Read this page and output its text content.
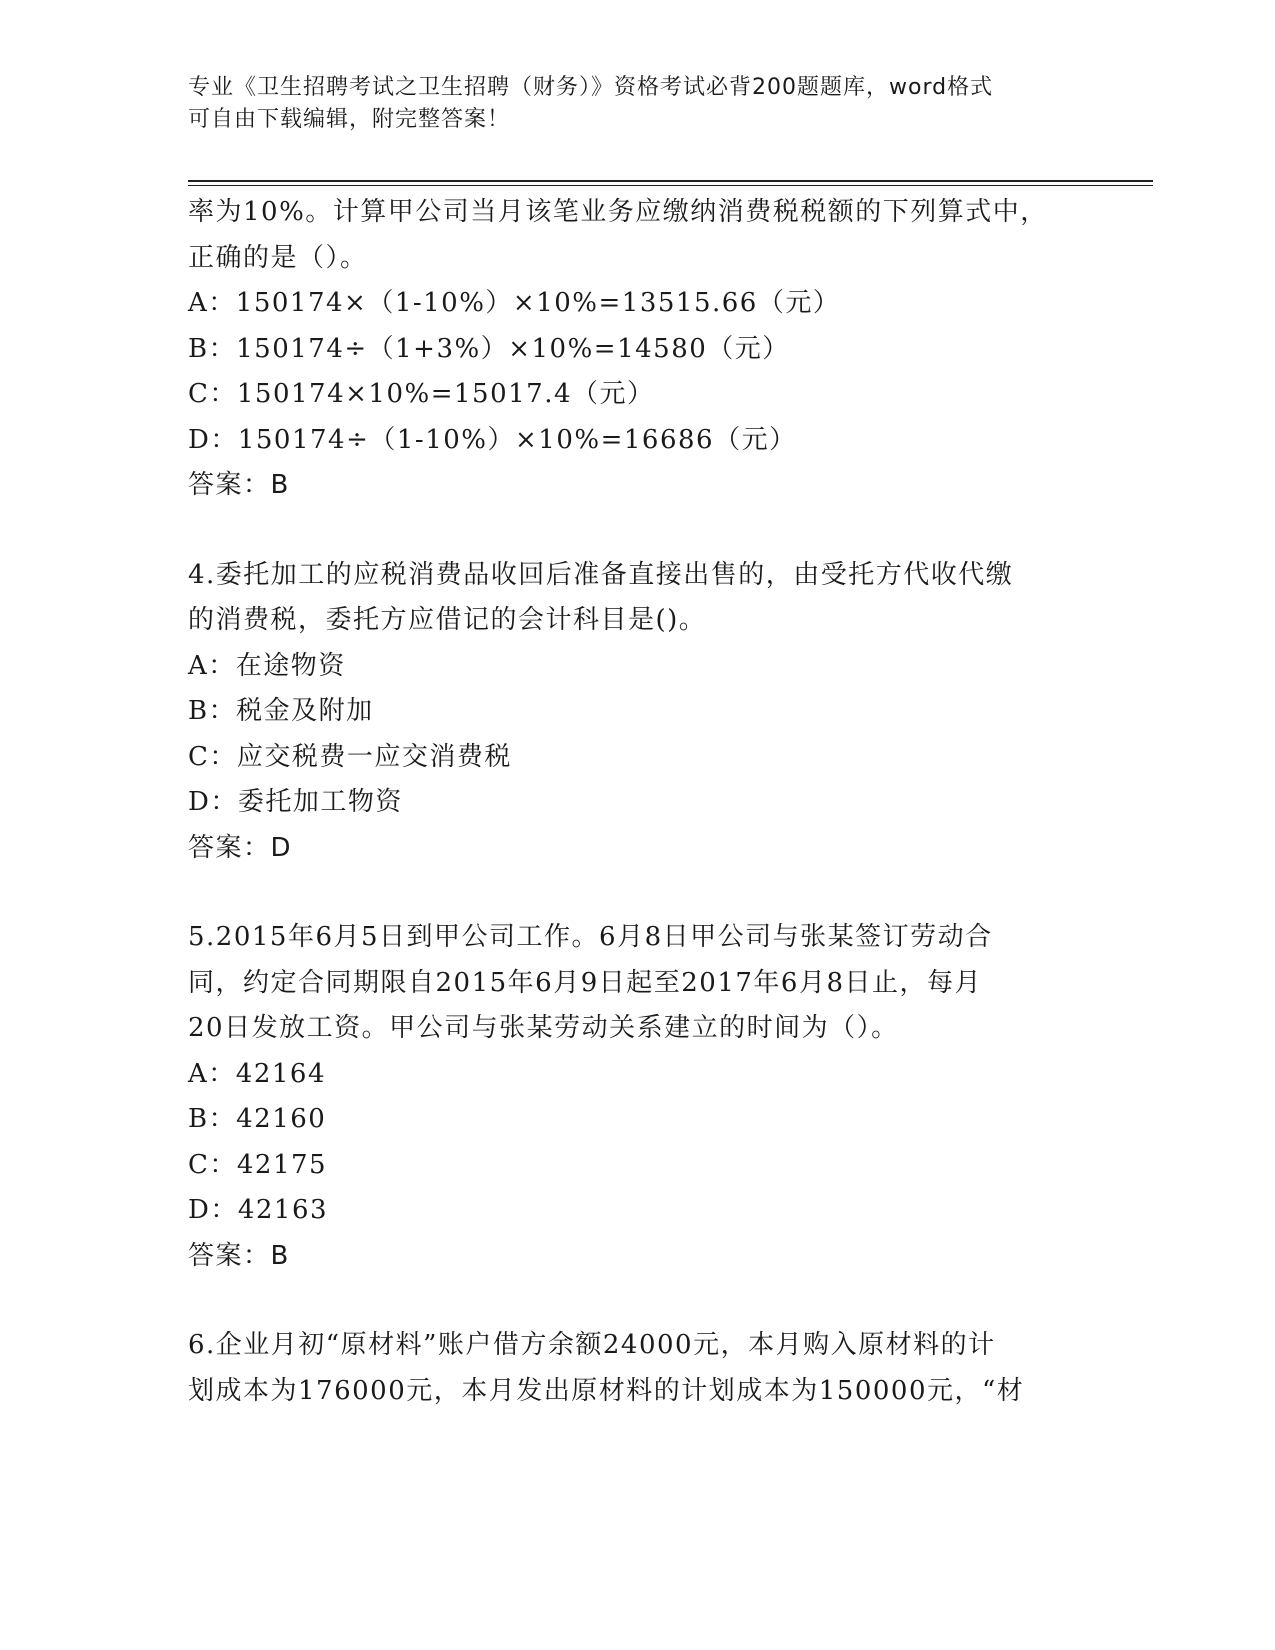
专业《卫生招聘考试之卫生招聘（财务）》资格考试必背200题题库，word格式
可自由下载编辑，附完整答案！
率为10%。计算甲公司当月该笔业务应缴纳消费税税额的下列算式中，
正确的是（）。
A：150174×（1-10%）×10%=13515.66（元）
B：150174÷（1+3%）×10%=14580（元）
C：150174×10%=15017.4（元）
D：150174÷（1-10%）×10%=16686（元）
答案：B
4.委托加工的应税消费品收回后准备直接出售的，由受托方代收代缴
的消费税，委托方应借记的会计科目是()。
A：在途物资
B：税金及附加
C：应交税费一应交消费税
D：委托加工物资
答案：D
5.2015年6月5日到甲公司工作。6月8日甲公司与张某签订劳动合
同，约定合同期限自2015年6月9日起至2017年6月8日止，每月
20日发放工资。甲公司与张某劳动关系建立的时间为（）。
A：42164
B：42160
C：42175
D：42163
答案：B
6.企业月初“原材料”账户借方余额24000元，本月购入原材料的计
划成本为176000元，本月发出原材料的计划成本为150000元，“材
